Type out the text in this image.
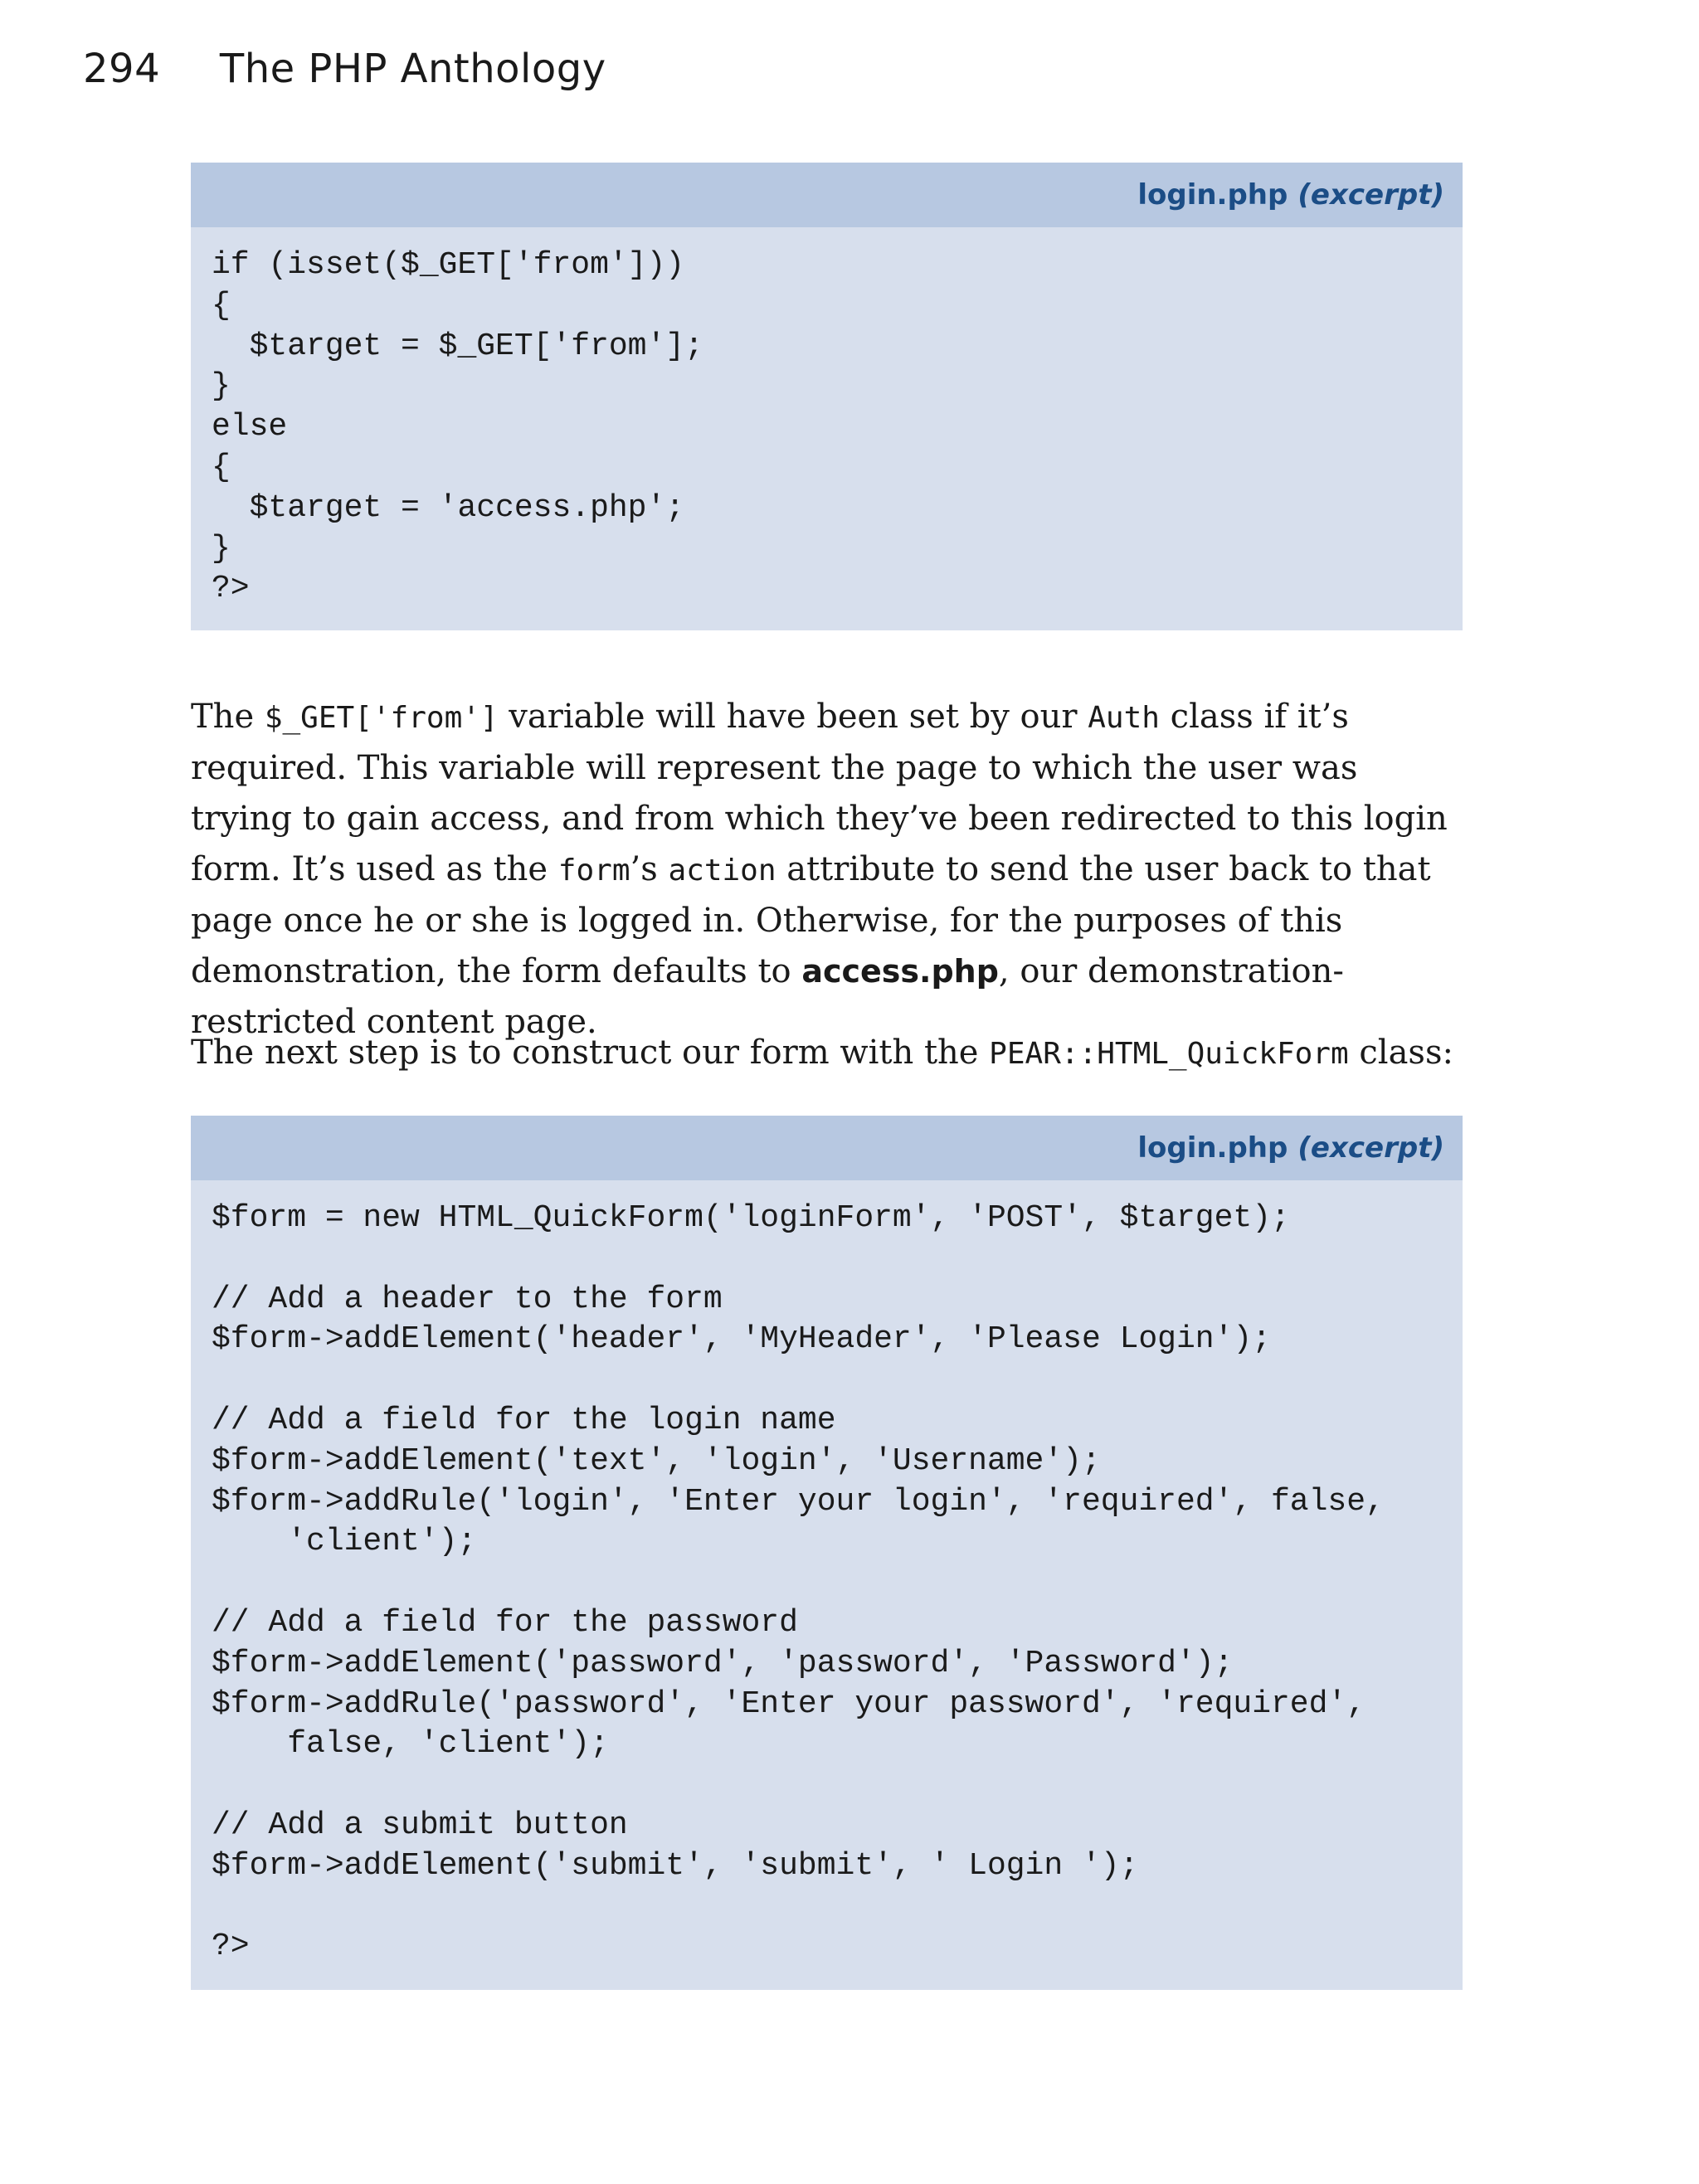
294 The PHP Anthology
login.php (excerpt)
if (isset($_GET['from']))
{
$target = $_GET['from'];
}
else
{
$target = 'access.php';
}
?>

The $_GET['from'] variable will have been set by our Auth class if it’s required. This variable will represent the page to which the user was trying to gain access, and from which they’ve been redirected to this login form. It’s used as the form’s action attribute to send the user back to that page once he or she is logged in. Otherwise, for the purposes of this demonstration, the form defaults to access.php, our demonstration-restricted content page.

The next step is to construct our form with the PEAR::HTML_QuickForm class:

login.php (excerpt)
$form = new HTML_QuickForm('loginForm', 'POST', $target);

// Add a header to the form
$form->addElement('header', 'MyHeader', 'Please Login');

// Add a field for the login name
$form->addElement('text', 'login', 'Username');
$form->addRule('login', 'Enter your login', 'required', false,
'client');

// Add a field for the password
$form->addElement('password', 'password', 'Password');
$form->addRule('password', 'Enter your password', 'required',
false, 'client');

// Add a submit button
$form->addElement('submit', 'submit', ' Login ');

?>
